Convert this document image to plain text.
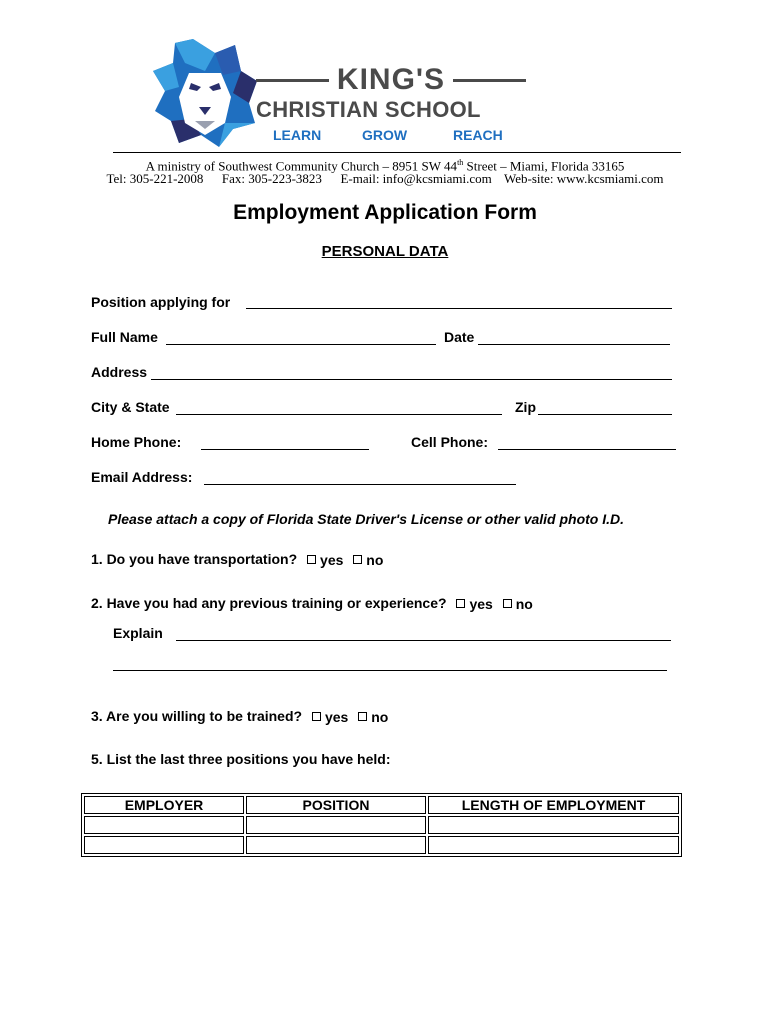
KING'S
CHRISTIAN SCHOOL
LEARN	GROW	REACH
A ministry of Southwest Community Church – 8951 SW 44th Street – Miami, Florida 33165
Tel: 305-221-2008 Fax: 305-223-3823 E-mail: info@kcsmiami.com Web-site: www.kcsmiami.com
Employment Application Form
PERSONAL DATA
Position applying for
Full Name	Date
Address
City & State	Zip
Home Phone:	Cell Phone:
Email Address:
Please attach a copy of Florida State Driver's License or other valid photo I.D.
1. Do you have transportation? yes
no
2. Have you had any previous training or experience? yes
no
Explain
3. Are you willing to be trained? yes
no
5. List the last three positions you have held:
EMPLOYER	POSITION	LENGTH OF EMPLOYMENT
